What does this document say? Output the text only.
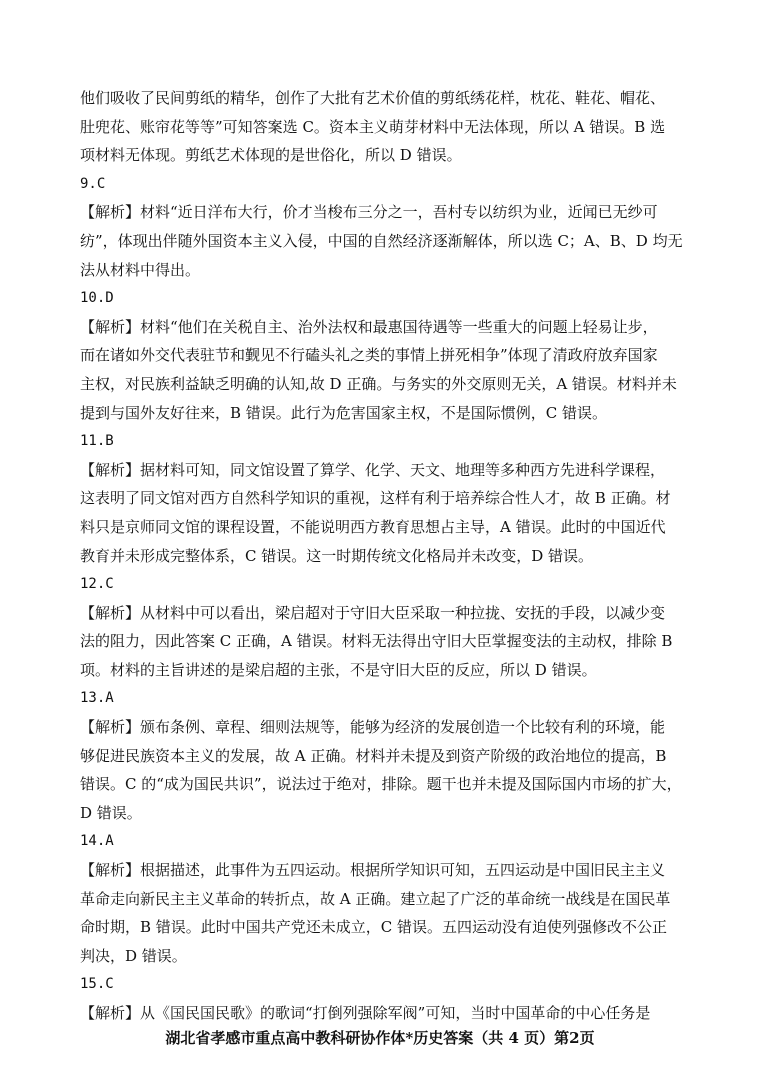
他们吸收了民间剪纸的精华，创作了大批有艺术价值的剪纸绣花样，枕花、鞋花、帽花、
肚兜花、账帘花等等”可知答案选 C。资本主义萌芽材料中无法体现，所以 A 错误。B 选
项材料无体现。剪纸艺术体现的是世俗化，所以 D 错误。
9.C
【解析】材料“近日洋布大行，价才当梭布三分之一，吾村专以纺织为业，近闻已无纱可
纺”，体现出伴随外国资本主义入侵，中国的自然经济逐渐解体，所以选 C；A、B、D 均无
法从材料中得出。
10.D
【解析】材料“他们在关税自主、治外法权和最惠国待遇等一些重大的问题上轻易让步，
而在诸如外交代表驻节和觐见不行磕头礼之类的事情上拼死相争”体现了清政府放弃国家
主权，对民族利益缺乏明确的认知,故 D 正确。与务实的外交原则无关，A 错误。材料并未
提到与国外友好往来，B 错误。此行为危害国家主权，不是国际惯例，C 错误。
11.B
【解析】据材料可知，同文馆设置了算学、化学、天文、地理等多种西方先进科学课程，
这表明了同文馆对西方自然科学知识的重视，这样有利于培养综合性人才，故 B 正确。材
料只是京师同文馆的课程设置，不能说明西方教育思想占主导，A 错误。此时的中国近代
教育并未形成完整体系，C 错误。这一时期传统文化格局并未改变，D 错误。
12.C
【解析】从材料中可以看出，梁启超对于守旧大臣采取一种拉拢、安抚的手段，以减少变
法的阻力，因此答案 C 正确，A 错误。材料无法得出守旧大臣掌握变法的主动权，排除 B
项。材料的主旨讲述的是梁启超的主张，不是守旧大臣的反应，所以 D 错误。
13.A
【解析】颁布条例、章程、细则法规等，能够为经济的发展创造一个比较有利的环境，能
够促进民族资本主义的发展，故 A 正确。材料并未提及到资产阶级的政治地位的提高，B
错误。C 的“成为国民共识”，说法过于绝对，排除。题干也并未提及国际国内市场的扩大，
D 错误。
14.A
【解析】根据描述，此事件为五四运动。根据所学知识可知，五四运动是中国旧民主主义
革命走向新民主主义革命的转折点，故 A 正确。建立起了广泛的革命统一战线是在国民革
命时期，B 错误。此时中国共产党还未成立，C 错误。五四运动没有迫使列强修改不公正
判决，D 错误。
15.C
【解析】从《国民国民歌》的歌词“打倒列强除军阀”可知，当时中国革命的中心任务是
湖北省孝感市重点高中教科研协作体*历史答案（共 4 页）第2页
